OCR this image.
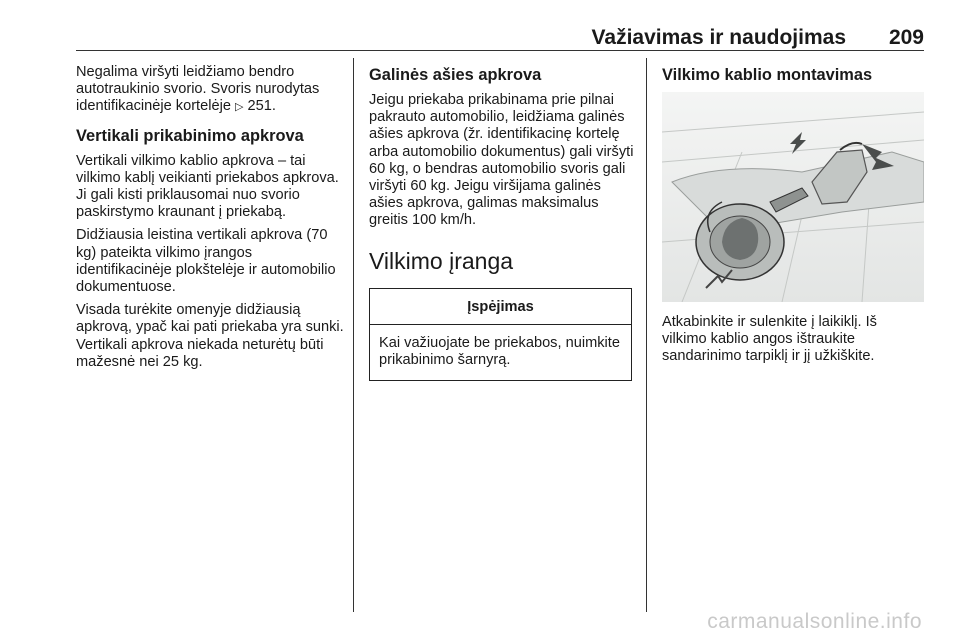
Važiavimas ir naudojimas 209

Negalima viršyti leidžiamo bendro autotraukinio svorio. Svoris nurodytas identifikacinėje kortelėje ▷ 251.

Vertikali prikabinimo apkrova

Vertikali vilkimo kablio apkrova – tai vilkimo kablį veikianti priekabos apkrova. Ji gali kisti priklausomai nuo svorio paskirstymo kraunant į priekabą.

Didžiausia leistina vertikali apkrova (70 kg) pateikta vilkimo įrangos identifikacinėje plokštelėje ir automobilio dokumentuose.

Visada turėkite omenyje didžiausią apkrovą, ypač kai pati priekaba yra sunki. Vertikali apkrova niekada neturėtų būti mažesnė nei 25 kg.

Galinės ašies apkrova

Jeigu priekaba prikabinama prie pilnai pakrauto automobilio, leidžiama galinės ašies apkrova (žr. identifikacinę kortelę arba automobilio dokumentus) gali viršyti 60 kg, o bendras automobilio svoris gali viršyti 60 kg. Jeigu viršijama galinės ašies apkrova, galimas maksimalus greitis 100 km/h.

Vilkimo įranga
Įspėjimas
Kai važiuojate be priekabos, nuimkite prikabinimo šarnyrą.
Vilkimo kablio montavimas

Atkabinkite ir sulenkite į laikiklį. Iš vilkimo kablio angos ištraukite sandarinimo tarpiklį ir jį užkiškite.

carmanualsonline.info
